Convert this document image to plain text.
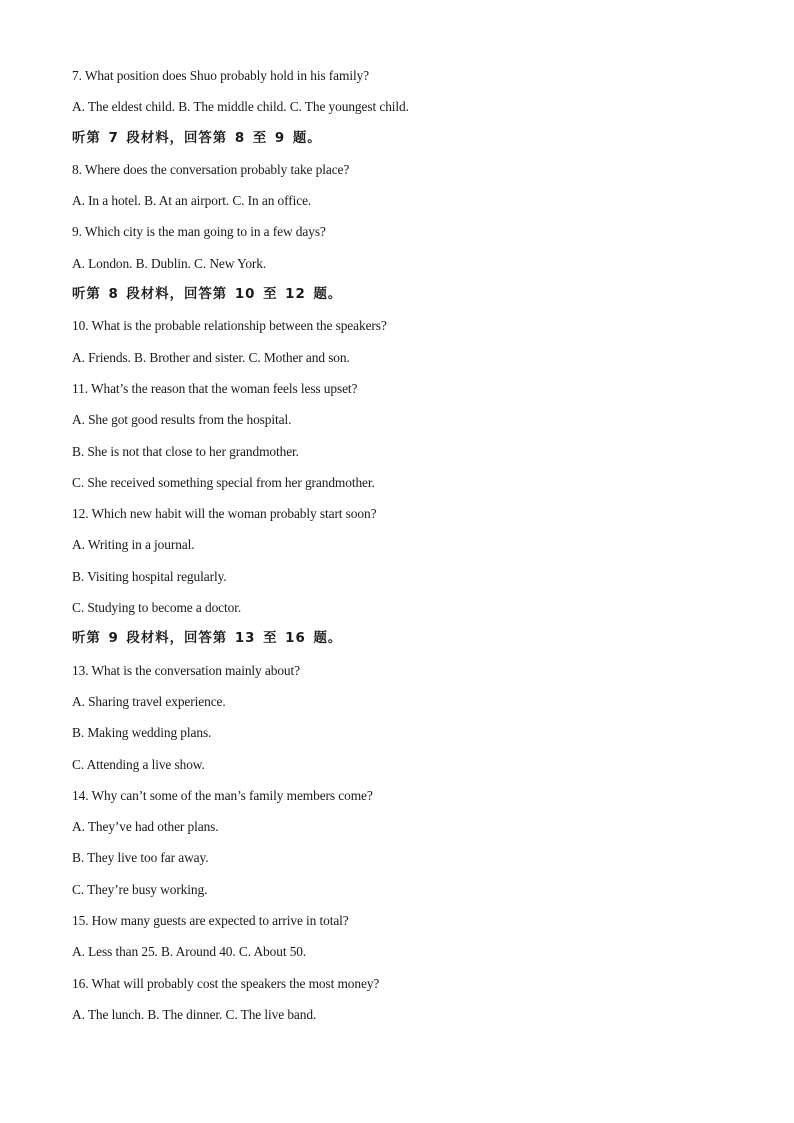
7. What position does Shuo probably hold in his family?
A. The eldest child. B. The middle child. C. The youngest child.
听第 7 段材料，回答第 8 至 9 题。
8. Where does the conversation probably take place?
A. In a hotel. B. At an airport. C. In an office.
9. Which city is the man going to in a few days?
A. London. B. Dublin. C. New York.
听第 8 段材料，回答第 10 至 12 题。
10. What is the probable relationship between the speakers?
A. Friends. B. Brother and sister. C. Mother and son.
11. What’s the reason that the woman feels less upset?
A. She got good results from the hospital.
B. She is not that close to her grandmother.
C. She received something special from her grandmother.
12. Which new habit will the woman probably start soon?
A. Writing in a journal.
B. Visiting hospital regularly.
C. Studying to become a doctor.
听第 9 段材料，回答第 13 至 16 题。
13. What is the conversation mainly about?
A. Sharing travel experience.
B. Making wedding plans.
C. Attending a live show.
14. Why can’t some of the man’s family members come?
A. They’ve had other plans.
B. They live too far away.
C. They’re busy working.
15. How many guests are expected to arrive in total?
A. Less than 25. B. Around 40. C. About 50.
16. What will probably cost the speakers the most money?
A. The lunch. B. The dinner. C. The live band.
